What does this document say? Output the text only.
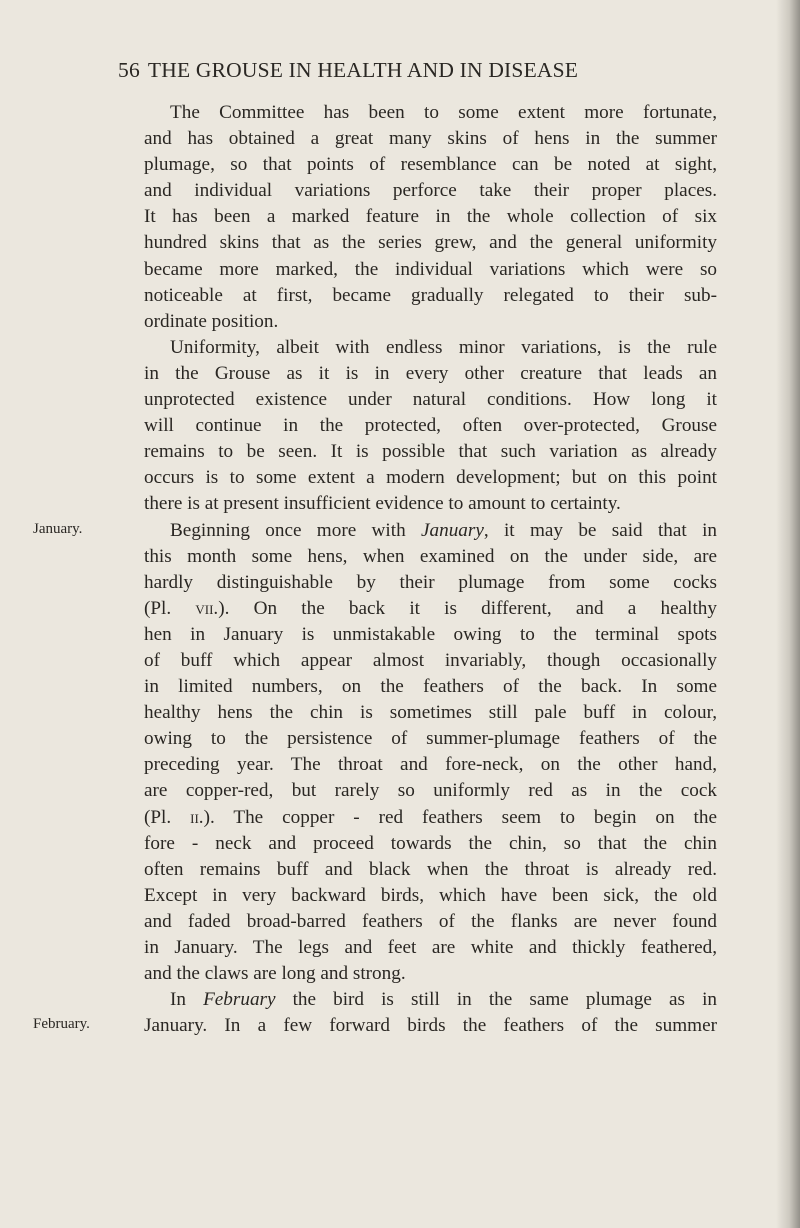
56 THE GROUSE IN HEALTH AND IN DISEASE
January.
February.
The Committee has been to some extent more fortunate,
and has obtained a great many skins of hens in the summer
plumage, so that points of resemblance can be noted at sight,
and individual variations perforce take their proper places.
It has been a marked feature in the whole collection of six
hundred skins that as the series grew, and the general uniformity
became more marked, the individual variations which were so
noticeable at first, became gradually relegated to their sub-
ordinate position.
Uniformity, albeit with endless minor variations, is the rule
in the Grouse as it is in every other creature that leads an
unprotected existence under natural conditions. How long it
will continue in the protected, often over-protected, Grouse
remains to be seen. It is possible that such variation as already
occurs is to some extent a modern development; but on this point
there is at present insufficient evidence to amount to certainty.
Beginning once more with January, it may be said that in
this month some hens, when examined on the under side, are
hardly distinguishable by their plumage from some cocks
(Pl. vii.). On the back it is different, and a healthy
hen in January is unmistakable owing to the terminal spots
of buff which appear almost invariably, though occasionally
in limited numbers, on the feathers of the back. In some
healthy hens the chin is sometimes still pale buff in colour,
owing to the persistence of summer-plumage feathers of the
preceding year. The throat and fore-neck, on the other hand,
are copper-red, but rarely so uniformly red as in the cock
(Pl. ii.). The copper - red feathers seem to begin on the
fore - neck and proceed towards the chin, so that the chin
often remains buff and black when the throat is already red.
Except in very backward birds, which have been sick, the old
and faded broad-barred feathers of the flanks are never found
in January. The legs and feet are white and thickly feathered,
and the claws are long and strong.
In February the bird is still in the same plumage as in
January. In a few forward birds the feathers of the summer
